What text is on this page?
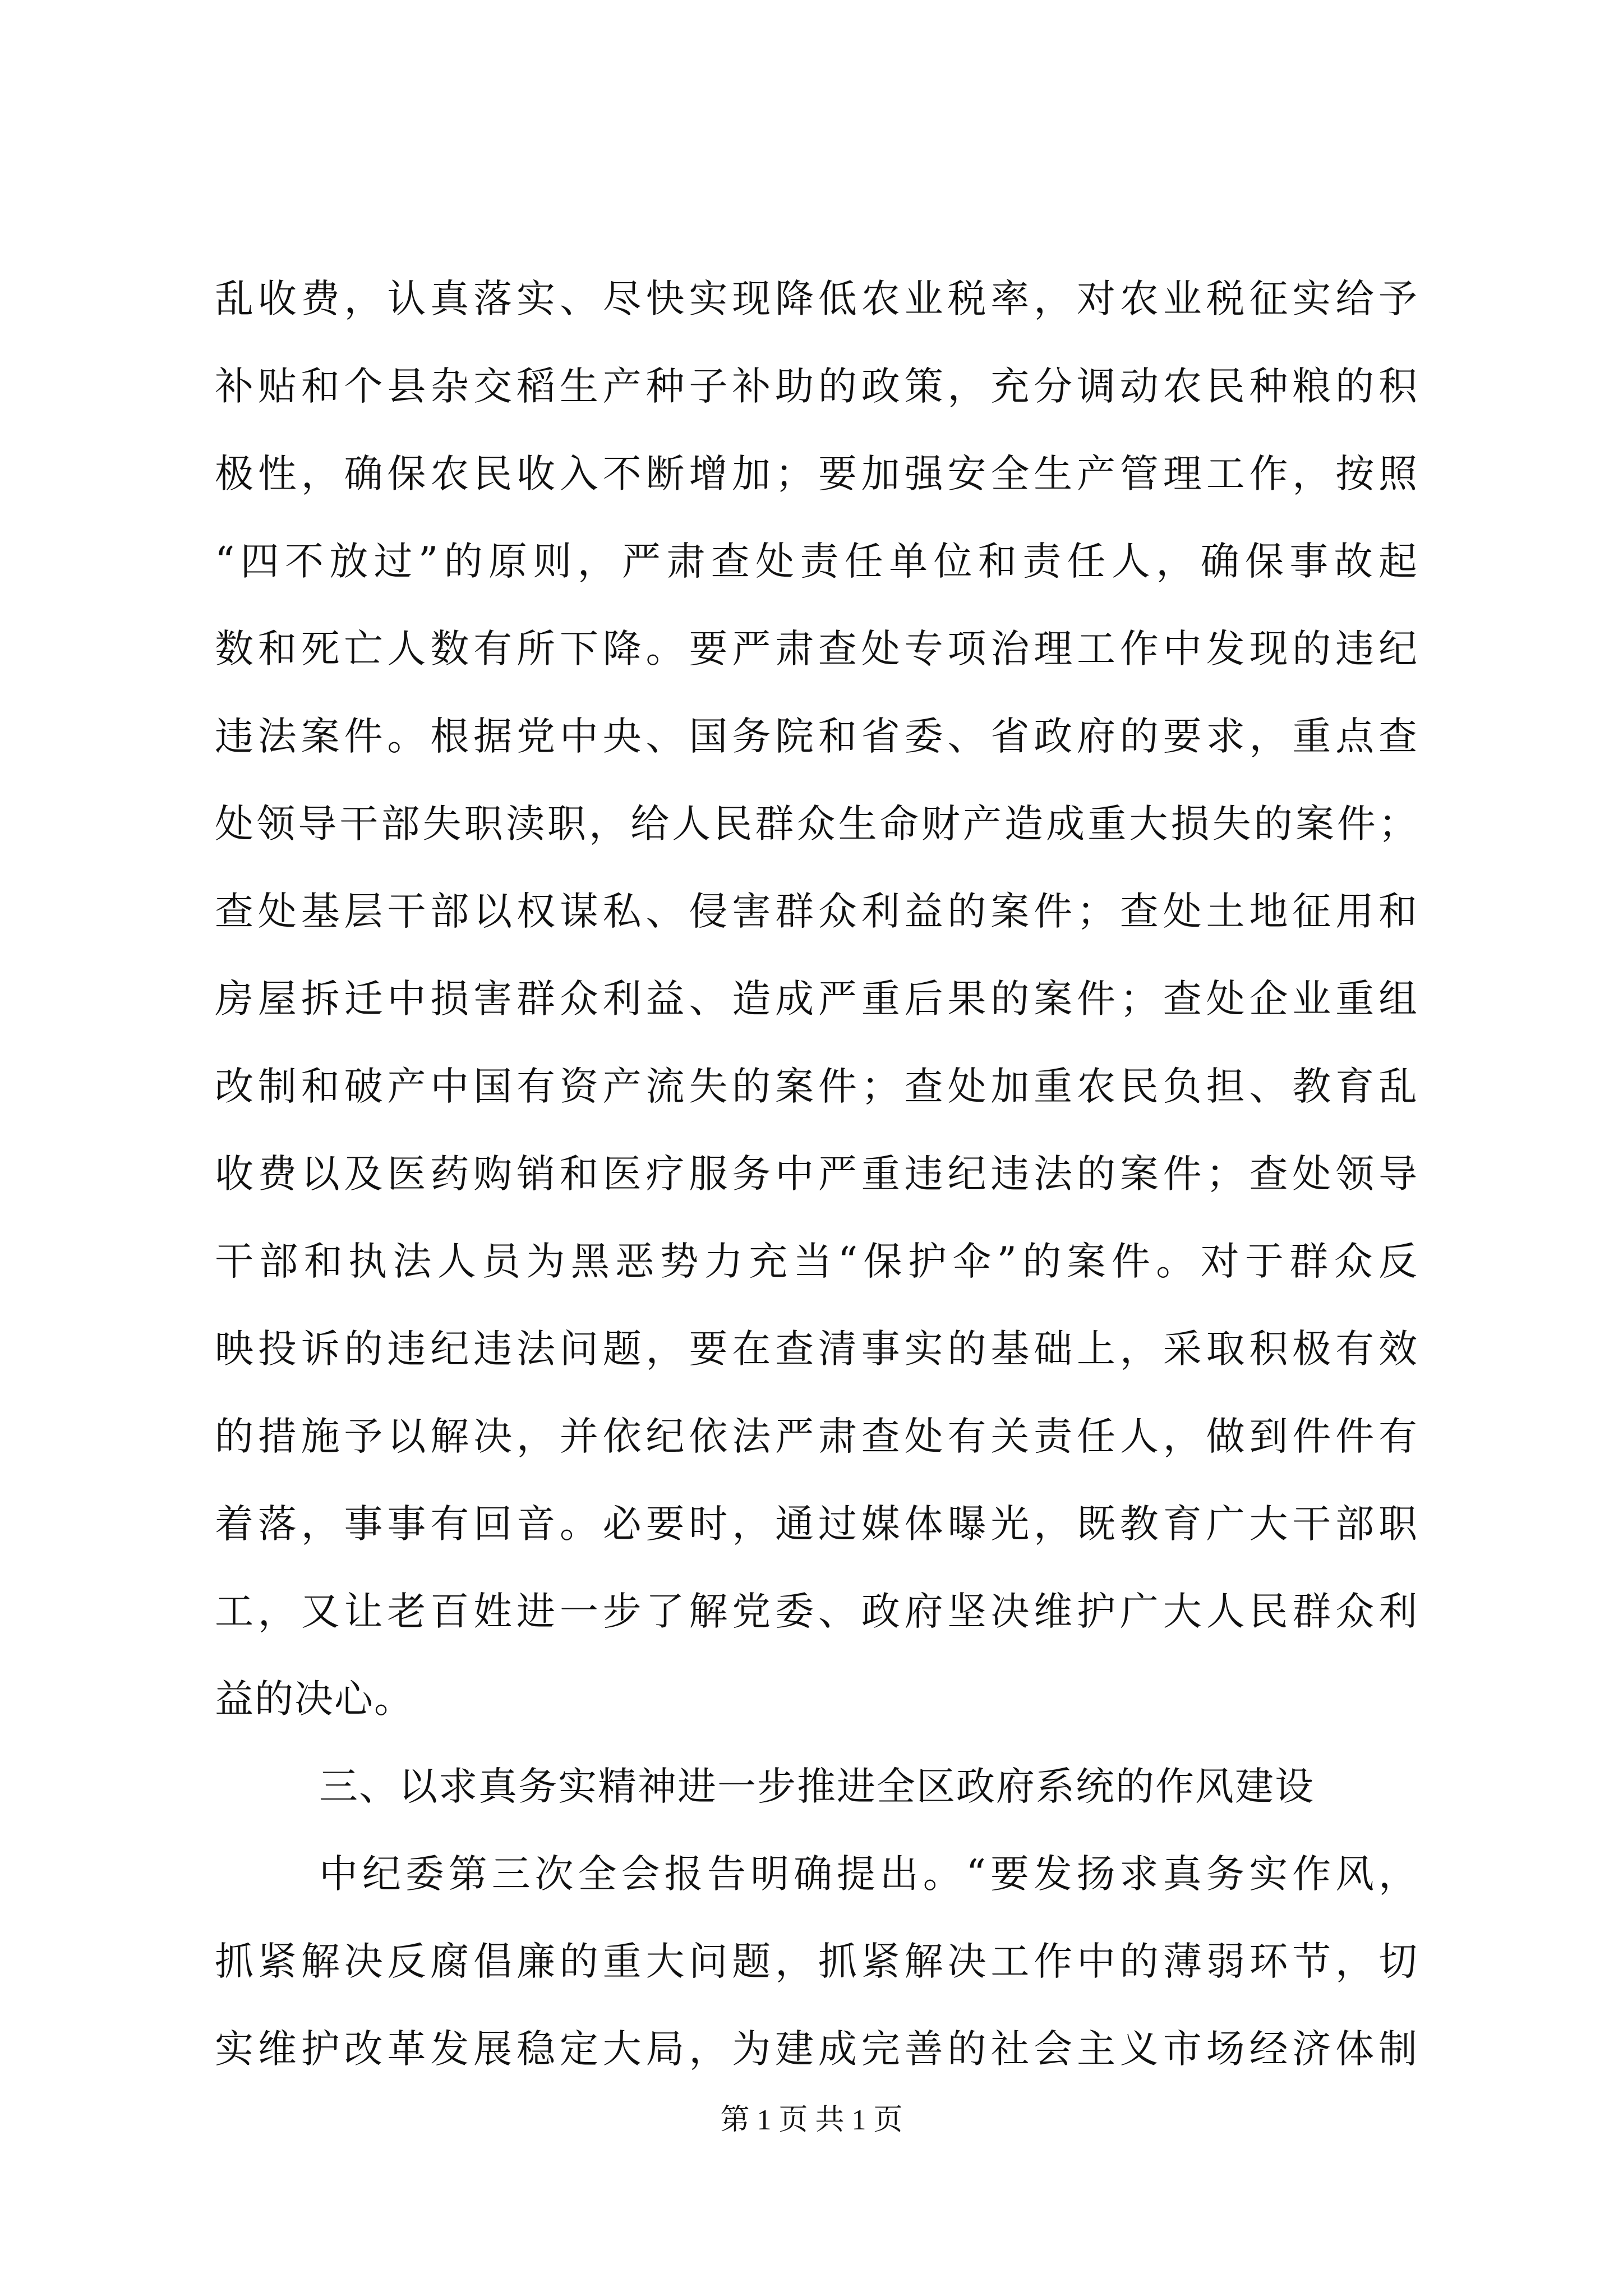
乱收费，认真落实、尽快实现降低农业税率，对农业税征实给予
补贴和个县杂交稻生产种子补助的政策，充分调动农民种粮的积
极性，确保农民收入不断增加；要加强安全生产管理工作，按照
“四不放过”的原则，严肃查处责任单位和责任人，确保事故起
数和死亡人数有所下降。要严肃查处专项治理工作中发现的违纪
违法案件。根据党中央、国务院和省委、省政府的要求，重点查
处领导干部失职渎职，给人民群众生命财产造成重大损失的案件；
查处基层干部以权谋私、侵害群众利益的案件；查处土地征用和
房屋拆迁中损害群众利益、造成严重后果的案件；查处企业重组
改制和破产中国有资产流失的案件；查处加重农民负担、教育乱
收费以及医药购销和医疗服务中严重违纪违法的案件；查处领导
干部和执法人员为黑恶势力充当“保护伞”的案件。对于群众反
映投诉的违纪违法问题，要在查清事实的基础上，采取积极有效
的措施予以解决，并依纪依法严肃查处有关责任人，做到件件有
着落，事事有回音。必要时，通过媒体曝光，既教育广大干部职
工，又让老百姓进一步了解党委、政府坚决维护广大人民群众利
益的决心。
三、以求真务实精神进一步推进全区政府系统的作风建设
中纪委第三次全会报告明确提出。“要发扬求真务实作风，
抓紧解决反腐倡廉的重大问题，抓紧解决工作中的薄弱环节，切
实维护改革发展稳定大局，为建成完善的社会主义市场经济体制
第 1 页 共 1 页
